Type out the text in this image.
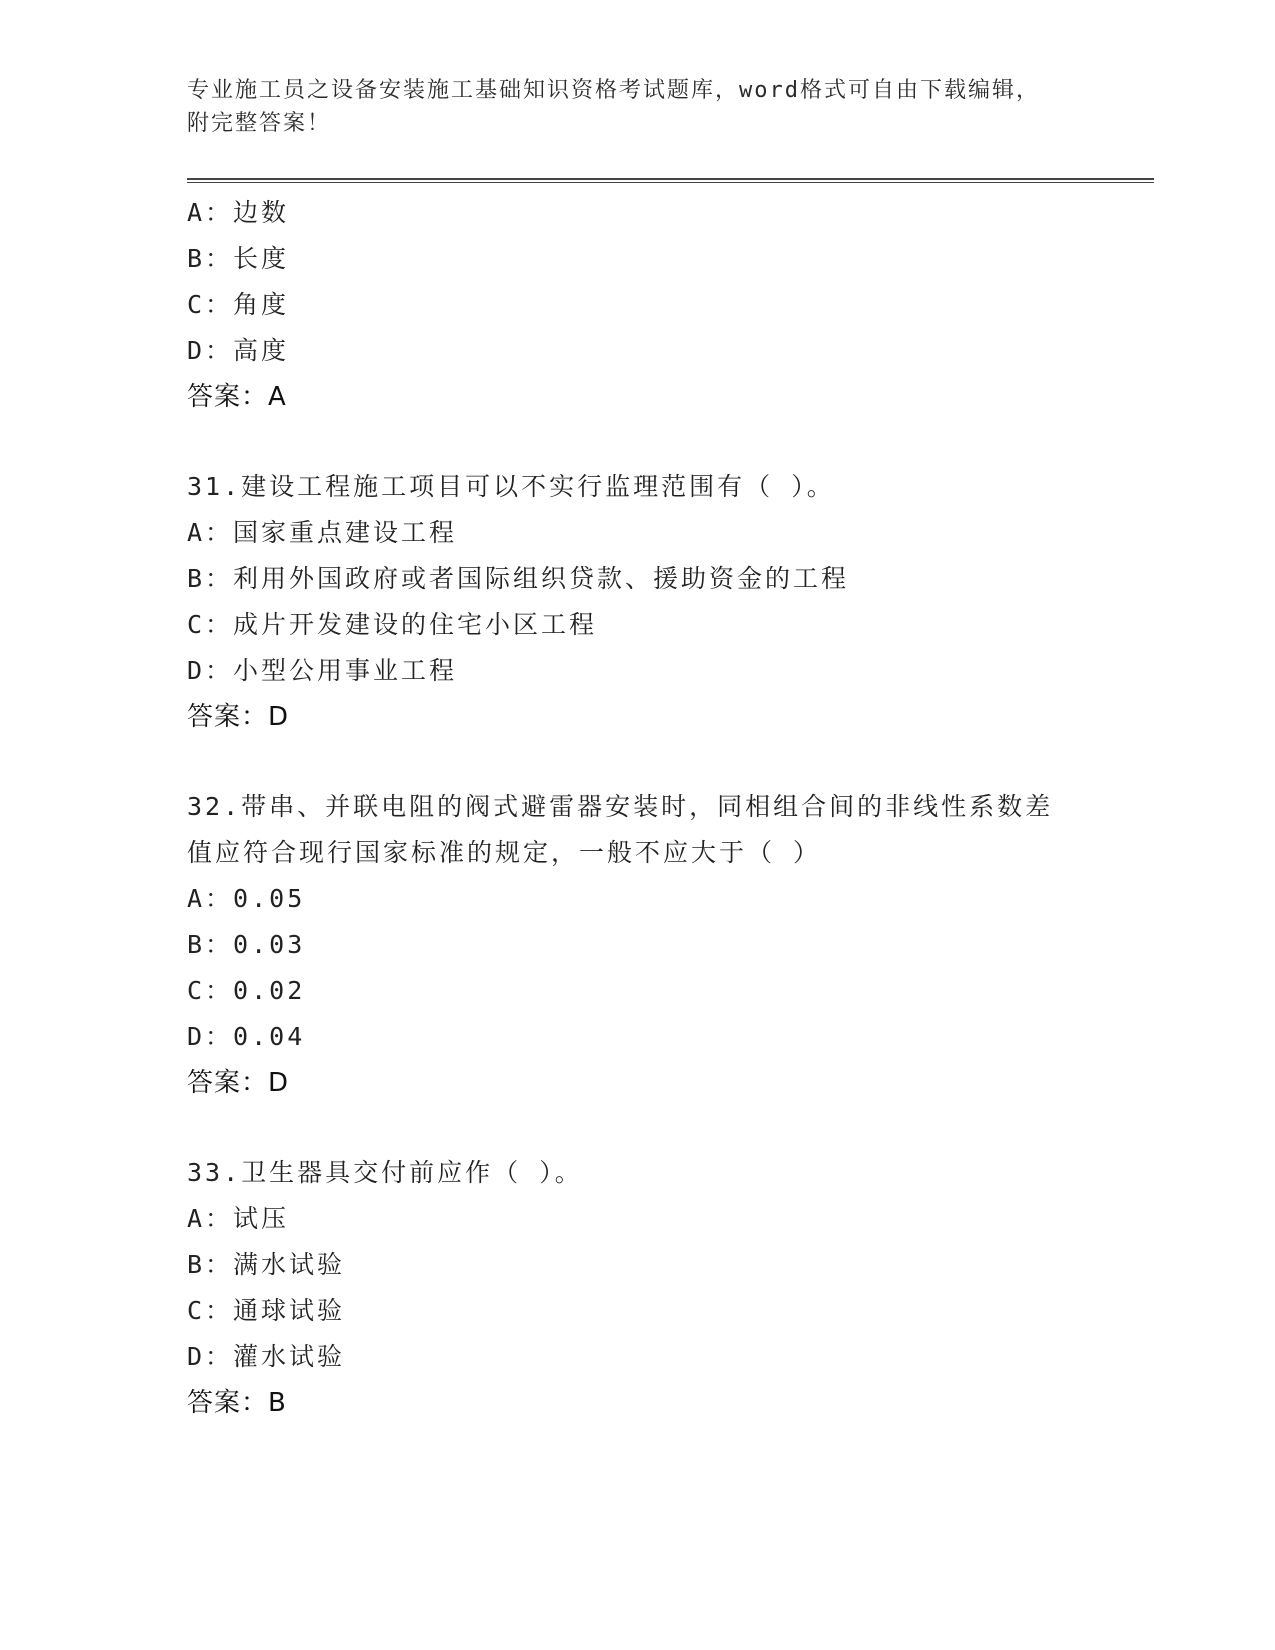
专业施工员之设备安装施工基础知识资格考试题库，word格式可自由下载编辑，
附完整答案！
A：边数
B：长度
C：角度
D：高度
答案：A
31.建设工程施工项目可以不实行监理范围有（ ）。
A：国家重点建设工程
B：利用外国政府或者国际组织贷款、援助资金的工程
C：成片开发建设的住宅小区工程
D：小型公用事业工程
答案：D
32.带串、并联电阻的阀式避雷器安装时，同相组合间的非线性系数差
值应符合现行国家标准的规定，一般不应大于（ ）
A：0.05
B：0.03
C：0.02
D：0.04
答案：D
33.卫生器具交付前应作（ ）。
A：试压
B：满水试验
C：通球试验
D：灌水试验
答案：B
